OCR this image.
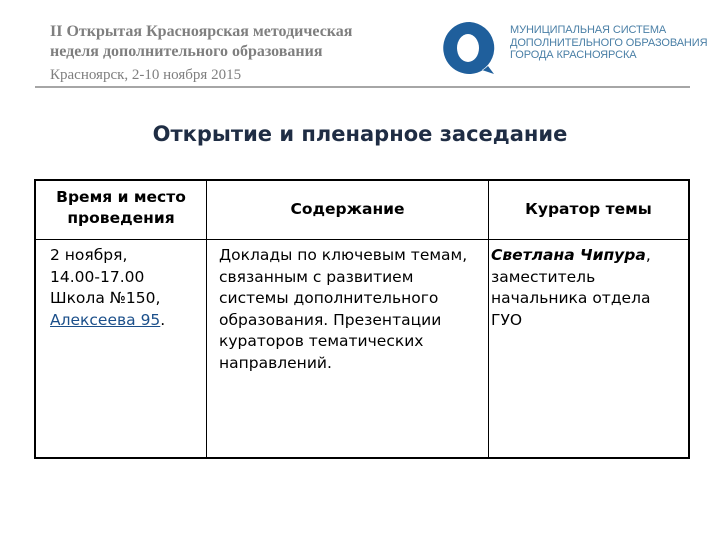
II Открытая Красноярская методическая
неделя дополнительного образования
Красноярск, 2-10 ноября 2015
МУНИЦИПАЛЬНАЯ СИСТЕМА
ДОПОЛНИТЕЛЬНОГО ОБРАЗОВАНИЯ
ГОРОДА КРАСНОЯРСКА
Открытие и пленарное заседание
Время и место проведения	Содержание	Куратор темы
2 ноября,
14.00-17.00
Школа №150,
Алексеева 95.
Доклады по ключевым темам, связанным с развитием системы дополнительного образования. Презентации кураторов тематических направлений.
Светлана Чипура,
заместитель начальника отдела ГУО
